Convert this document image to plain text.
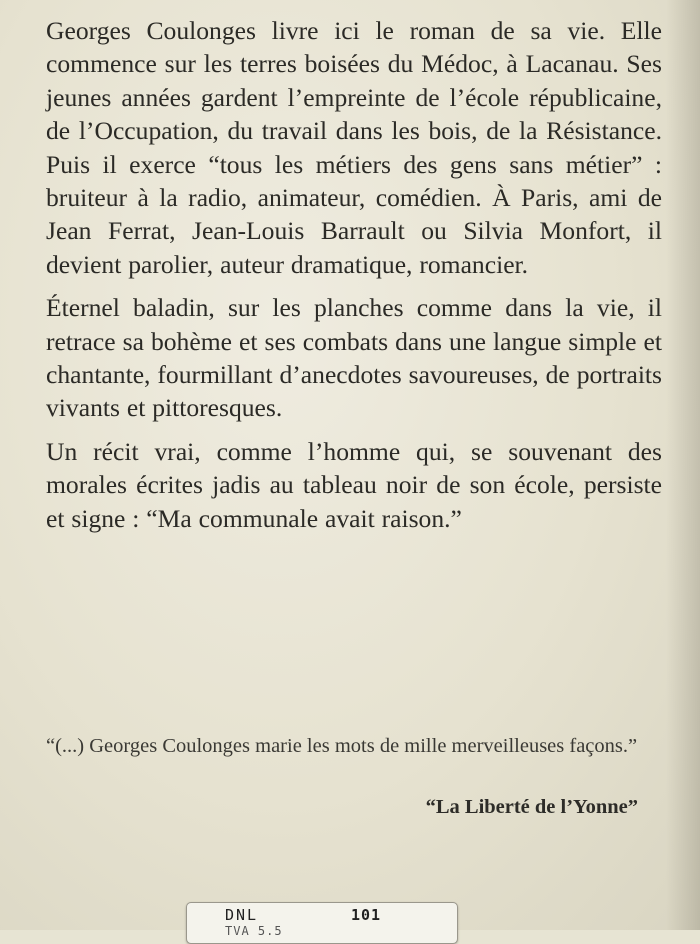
Georges Coulonges livre ici le roman de sa vie. Elle commence sur les terres boisées du Médoc, à Lacanau. Ses jeunes années gardent l’empreinte de l’école républicaine, de l’Occupation, du travail dans les bois, de la Résistance. Puis il exerce “tous les métiers des gens sans métier” : bruiteur à la radio, animateur, comédien. À Paris, ami de Jean Ferrat, Jean-Louis Barrault ou Silvia Monfort, il devient parolier, auteur dramatique, romancier.

Éternel baladin, sur les planches comme dans la vie, il retrace sa bohème et ses combats dans une langue simple et chantante, fourmillant d’anecdotes savoureuses, de portraits vivants et pittoresques.

Un récit vrai, comme l’homme qui, se souvenant des morales écrites jadis au tableau noir de son école, persiste et signe : “Ma communale avait raison.”

“(...) Georges Coulonges marie les mots de mille merveilleuses façons.”

“La Liberté de l’Yonne”
DNL	101
TVA 5.5
